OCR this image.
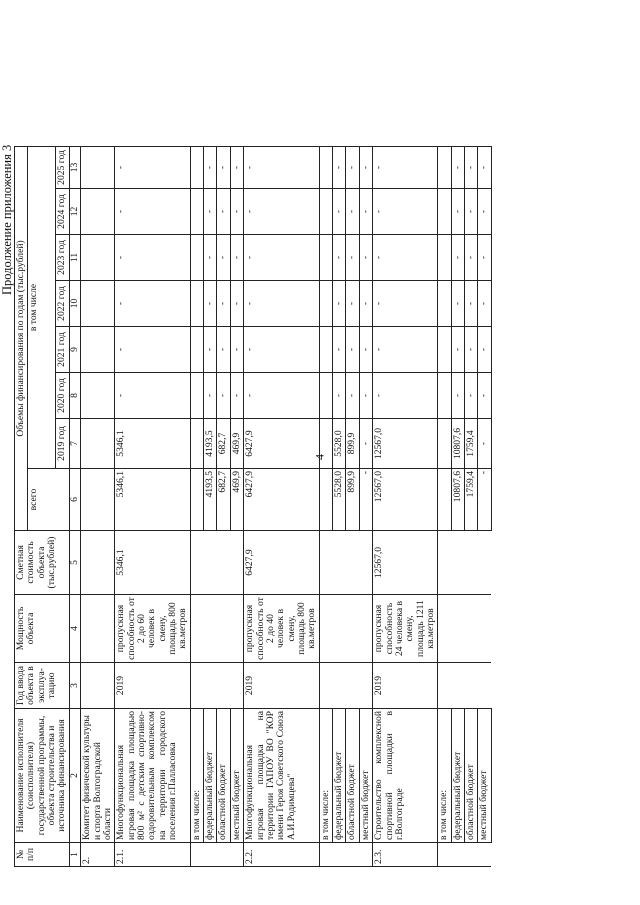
4
Продолжение приложения 3
№ п/п	Наименование исполнителя (соисполнителя) государственной программы, объекта строительства и источника финансирования	Год ввода объекта в эксплуа-тацию	Мощность объекта	Сметная стоимость объекта (тыс.рублей)	Объемы финансирования по годам (тыс.рублей)							
					всего	в том числе						
						2019 год	2020 год	2021 год	2022 год	2023 год	2024 год	2025 год
1	2	3	4	5	6	7	8	9	10	11	12	13
2.	Комитет физической культуры и спорта Волгоградской области											
2.1.	Многофункциональная игровая площадка площадью 800 м² с детским спортивно-оздоровительным комплексом на территории городского поселения г.Палласовка	2019	пропускная способность от 2 до 60 человек в смену, площадь 800 кв.метров	5346,1	5346,1	5346,1	-	-	-	-	-	-
	в том числе:											
	федеральный бюджет				4193,5	4193,5	-	-	-	-	-	-
	областной бюджет				682,7	682,7	-	-	-	-	-	-
	местный бюджет				469,9	469,9	-	-	-	-	-	-
2.2.	Многофункциональная игровая площадка на территории ГАПОУ ВО "КОР имени Героя Советского Союза А.И.Родимцева"	2019	пропускная способность от 2 до 40 человек в смену, площадь 800 кв.метров	6427,9	6427,9	6427,9	-	-	-	-	-	-
	в том числе:											
	федеральный бюджет				5528,0	5528,0	-	-	-	-	-	-
	областной бюджет				899,9	899,9	-	-	-	-	-	-
	местный бюджет				-	-	-	-	-	-	-	-
2.3.	Строительство комплексной спортивной площадки в г.Волгограде	2019	пропускная способность 24 человека в смену, площадь 1211 кв.метров	12567,0	12567,0	12567,0	-	-	-	-	-	-
	в том числе:											
	федеральный бюджет				10807,6	10807,6	-	-	-	-	-	-
	областной бюджет				1759,4	1759,4	-	-	-	-	-	-
	местный бюджет				-	-	-	-	-	-	-	-
